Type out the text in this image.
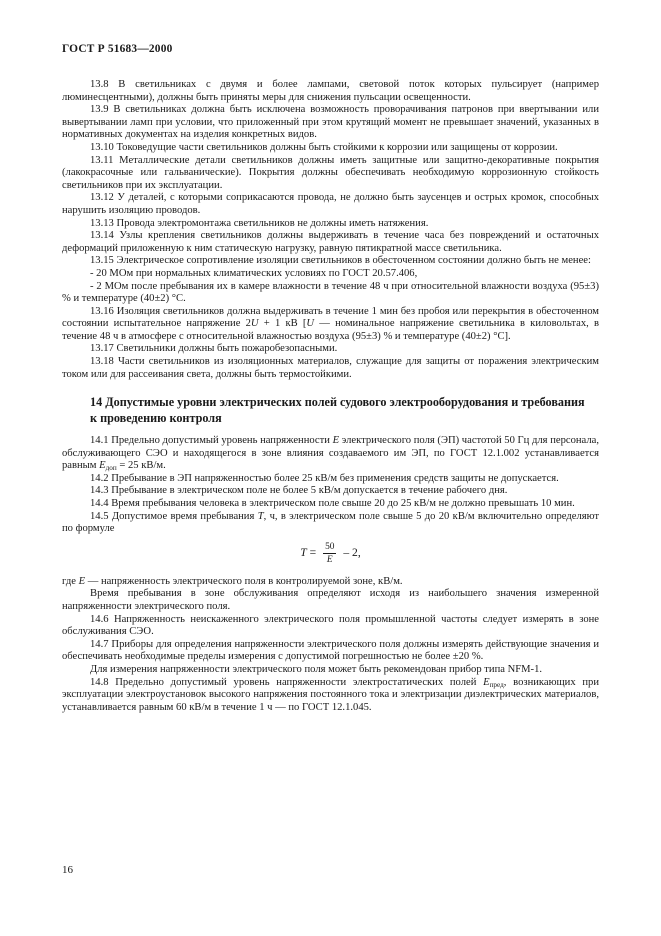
ГОСТ Р 51683—2000

13.8 В светильниках с двумя и более лампами, световой поток которых пульсирует (например люминесцентными), должны быть приняты меры для снижения пульсации освещенности.

13.9 В светильниках должна быть исключена возможность проворачивания патронов при ввертывании или вывертывании ламп при условии, что приложенный при этом крутящий момент не превышает значений, указанных в нормативных документах на изделия конкретных видов.

13.10 Токоведущие части светильников должны быть стойкими к коррозии или защищены от коррозии.

13.11 Металлические детали светильников должны иметь защитные или защитно-декоративные покрытия (лакокрасочные или гальванические). Покрытия должны обеспечивать необходимую коррозионную стойкость светильников при их эксплуатации.

13.12 У деталей, с которыми соприкасаются провода, не должно быть заусенцев и острых кромок, способных нарушить изоляцию проводов.

13.13 Провода электромонтажа светильников не должны иметь натяжения.

13.14 Узлы крепления светильников должны выдерживать в течение часа без повреждений и остаточных деформаций приложенную к ним статическую нагрузку, равную пятикратной массе светильника.

13.15 Электрическое сопротивление изоляции светильников в обесточенном состоянии должно быть не менее:

- 20 МОм при нормальных климатических условиях по ГОСТ 20.57.406,

- 2 МОм после пребывания их в камере влажности в течение 48 ч при относительной влажности воздуха (95±3) % и температуре (40±2) °С.

13.16 Изоляция светильников должна выдерживать в течение 1 мин без пробоя или перекрытия в обесточенном состоянии испытательное напряжение 2U + 1 кВ [U — номинальное напряжение светильника в киловольтах, в течение 48 ч в атмосфере с относительной влажностью воздуха (95±3) % и температуре (40±2) °С].

13.17 Светильники должны быть пожаробезопасными.

13.18 Части светильников из изоляционных материалов, служащие для защиты от поражения электрическим током или для рассеивания света, должны быть термостойкими.

14 Допустимые уровни электрических полей судового электрооборудования и требования к проведению контроля

14.1 Предельно допустимый уровень напряженности E электрического поля (ЭП) частотой 50 Гц для персонала, обслуживающего СЭО и находящегося в зоне влияния создаваемого им ЭП, по ГОСТ 12.1.002 устанавливается равным $E_{доп} = 25$ кВ/м.

14.2 Пребывание в ЭП напряженностью более 25 кВ/м без применения средств защиты не допускается.

14.3 Пребывание в электрическом поле не более 5 кВ/м допускается в течение рабочего дня.

14.4 Время пребывания человека в электрическом поле свыше 20 до 25 кВ/м не должно превышать 10 мин.

14.5 Допустимое время пребывания T, ч, в электрическом поле свыше 5 до 20 кВ/м включительно определяют по формуле

$T = \frac{50}{E} - 2$,

где E — напряженность электрического поля в контролируемой зоне, кВ/м.

Время пребывания в зоне обслуживания определяют исходя из наибольшего значения измеренной напряженности электрического поля.

14.6 Напряженность неискаженного электрического поля промышленной частоты следует измерять в зоне обслуживания СЭО.

14.7 Приборы для определения напряженности электрического поля должны измерять действующие значения и обеспечивать необходимые пределы измерения с допустимой погрешностью не более ±20 %.

Для измерения напряженности электрического поля может быть рекомендован прибор типа NFM-1.

14.8 Предельно допустимый уровень напряженности электростатических полей $E_{пред}$, возникающих при эксплуатации электроустановок высокого напряжения постоянного тока и электризации диэлектрических материалов, устанавливается равным 60 кВ/м в течение 1 ч — по ГОСТ 12.1.045.

16
